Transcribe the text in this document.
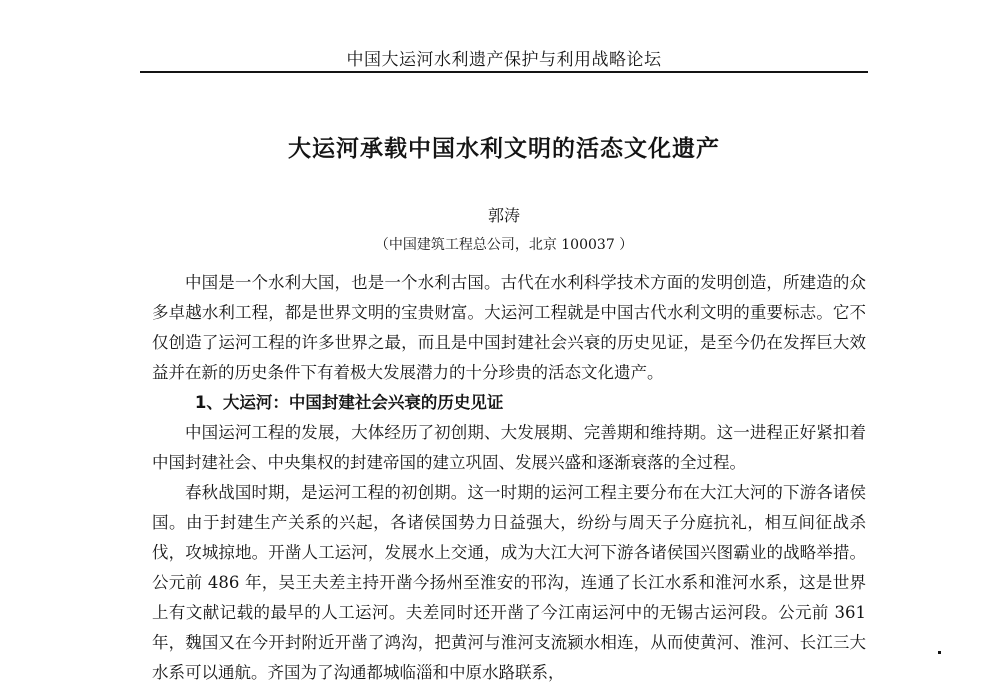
中国大运河水利遗产保护与利用战略论坛
大运河承载中国水利文明的活态文化遗产
郭涛
（中国建筑工程总公司，北京 100037 ）

中国是一个水利大国，也是一个水利古国。古代在水利科学技术方面的发明创造，所建造的众多卓越水利工程，都是世界文明的宝贵财富。大运河工程就是中国古代水利文明的重要标志。它不仅创造了运河工程的许多世界之最，而且是中国封建社会兴衰的历史见证，是至今仍在发挥巨大效益并在新的历史条件下有着极大发展潜力的十分珍贵的活态文化遗产。

1、大运河：中国封建社会兴衰的历史见证

中国运河工程的发展，大体经历了初创期、大发展期、完善期和维持期。这一进程正好紧扣着中国封建社会、中央集权的封建帝国的建立巩固、发展兴盛和逐渐衰落的全过程。

春秋战国时期，是运河工程的初创期。这一时期的运河工程主要分布在大江大河的下游各诸侯国。由于封建生产关系的兴起，各诸侯国势力日益强大，纷纷与周天子分庭抗礼，相互间征战杀伐，攻城掠地。开凿人工运河，发展水上交通，成为大江大河下游各诸侯国兴图霸业的战略举措。公元前 486 年，吴王夫差主持开凿今扬州至淮安的邗沟，连通了长江水系和淮河水系，这是世界上有文献记载的最早的人工运河。夫差同时还开凿了今江南运河中的无锡古运河段。公元前 361 年，魏国又在今开封附近开凿了鸿沟，把黄河与淮河支流颍水相连，从而使黄河、淮河、长江三大水系可以通航。齐国为了沟通都城临淄和中原水路联系，
